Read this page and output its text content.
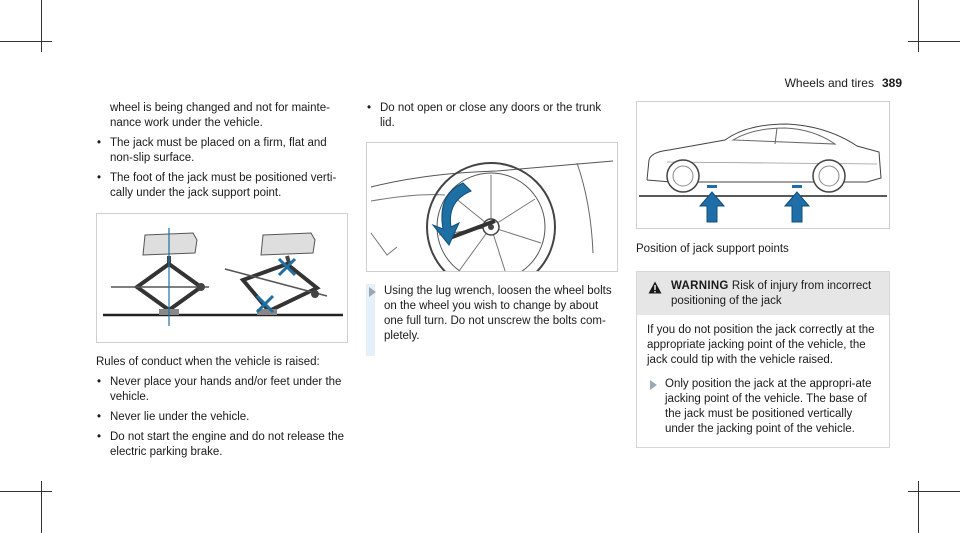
Wheels and tires 389

wheel is being changed and not for mainte-nance work under the vehicle.

• The jack must be placed on a firm, flat and non-slip surface.

• The foot of the jack must be positioned verti-cally under the jack support point.

Rules of conduct when the vehicle is raised:

• Never place your hands and/or feet under the vehicle.

• Never lie under the vehicle.

• Do not start the engine and do not release the electric parking brake.

• Do not open or close any doors or the trunk lid.

Using the lug wrench, loosen the wheel bolts on the wheel you wish to change by about one full turn. Do not unscrew the bolts com-pletely.

Position of jack support points

WARNING Risk of injury from incorrect positioning of the jack

If you do not position the jack correctly at the appropriate jacking point of the vehicle, the jack could tip with the vehicle raised.

Only position the jack at the appropri-ate jacking point of the vehicle. The base of the jack must be positioned vertically under the jacking point of the vehicle.
